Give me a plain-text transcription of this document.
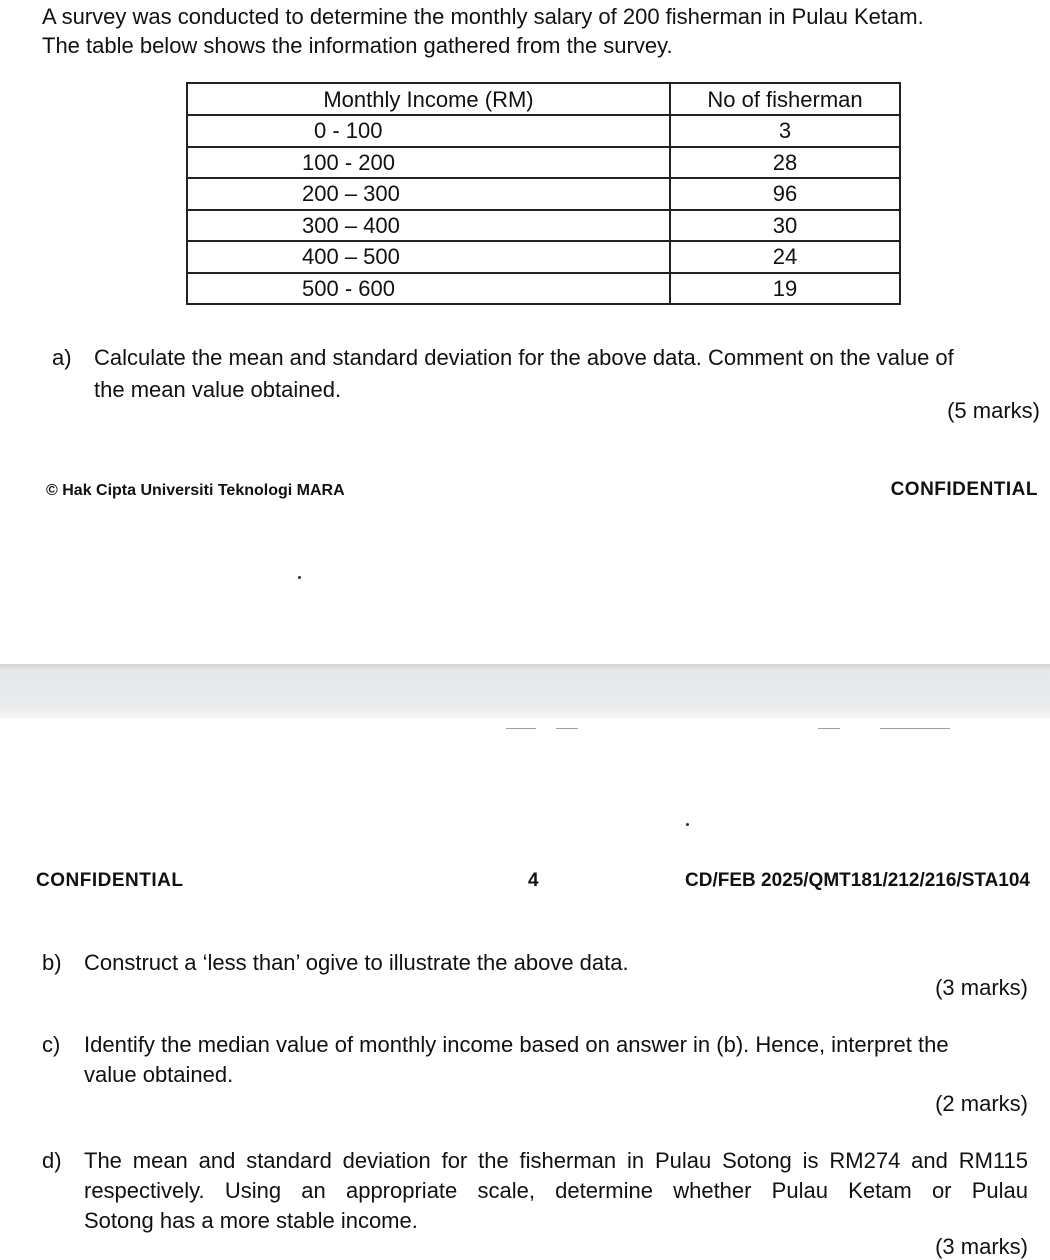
A survey was conducted to determine the monthly salary of 200 fisherman in Pulau Ketam.
The table below shows the information gathered from the survey.
Monthly Income (RM)	No of fisherman
0 - 100	3
100 - 200	28
200 – 300	96
300 – 400	30
400 – 500	24
500 - 600	19
a) Calculate the mean and standard deviation for the above data. Comment on the value of
the mean value obtained.
(5 marks)
© Hak Cipta Universiti Teknologi MARA	CONFIDENTIAL
CONFIDENTIAL	4	CD/FEB 2025/QMT181/212/216/STA104
b) Construct a ‘less than’ ogive to illustrate the above data.
(3 marks)
c) Identify the median value of monthly income based on answer in (b). Hence, interpret the
value obtained.
(2 marks)
d) The mean and standard deviation for the fisherman in Pulau Sotong is RM274 and RM115
respectively. Using an appropriate scale, determine whether Pulau Ketam or Pulau
Sotong has a more stable income.
(3 marks)
